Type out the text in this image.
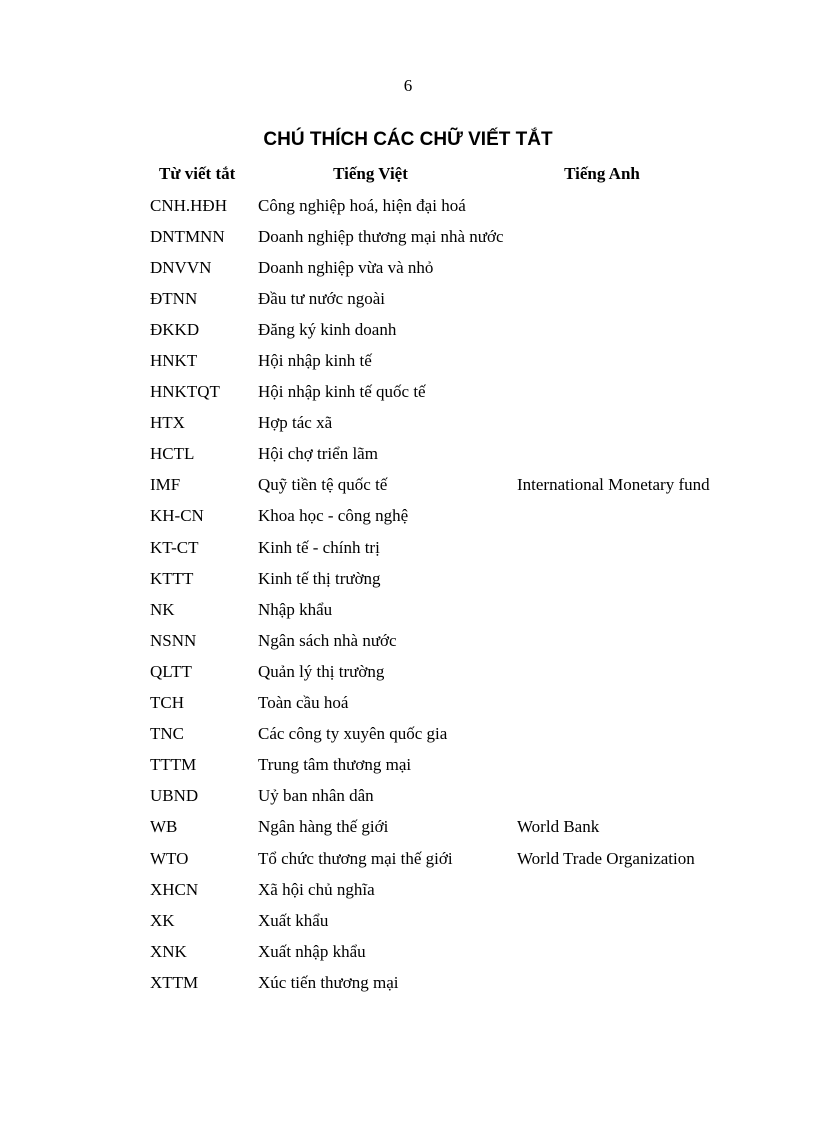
6
CHÚ THÍCH CÁC CHỮ VIẾT TẮT
Từ viết tắt	Tiếng Việt	Tiếng Anh

CNH.HĐH	Công nghiệp hoá, hiện đại hoá	
DNTMNN	Doanh nghiệp thương mại nhà nước	
DNVVN	Doanh nghiệp vừa và nhỏ	
ĐTNN	Đầu tư nước ngoài	
ĐKKD	Đăng ký kinh doanh	
HNKT	Hội nhập kinh tế	
HNKTQT	Hội nhập kinh tế quốc tế	
HTX	Hợp tác xã	
HCTL	Hội chợ triển lãm	
IMF	Quỹ tiền tệ quốc tế	International Monetary fund
KH-CN	Khoa học - công nghệ	
KT-CT	Kinh tế - chính trị	
KTTT	Kinh tế thị trường	
NK	Nhập khẩu	
NSNN	Ngân sách nhà nước	
QLTT	Quản lý thị trường	
TCH	Toàn cầu hoá	
TNC	Các công ty xuyên quốc gia	
TTTM	Trung tâm thương mại	
UBND	Uỷ ban nhân dân	
WB	Ngân hàng thế giới	World Bank
WTO	Tổ chức thương mại thế giới	World Trade Organization
XHCN	Xã hội chủ nghĩa	
XK	Xuất khẩu	
XNK	Xuất nhập khẩu	
XTTM	Xúc tiến thương mại	
